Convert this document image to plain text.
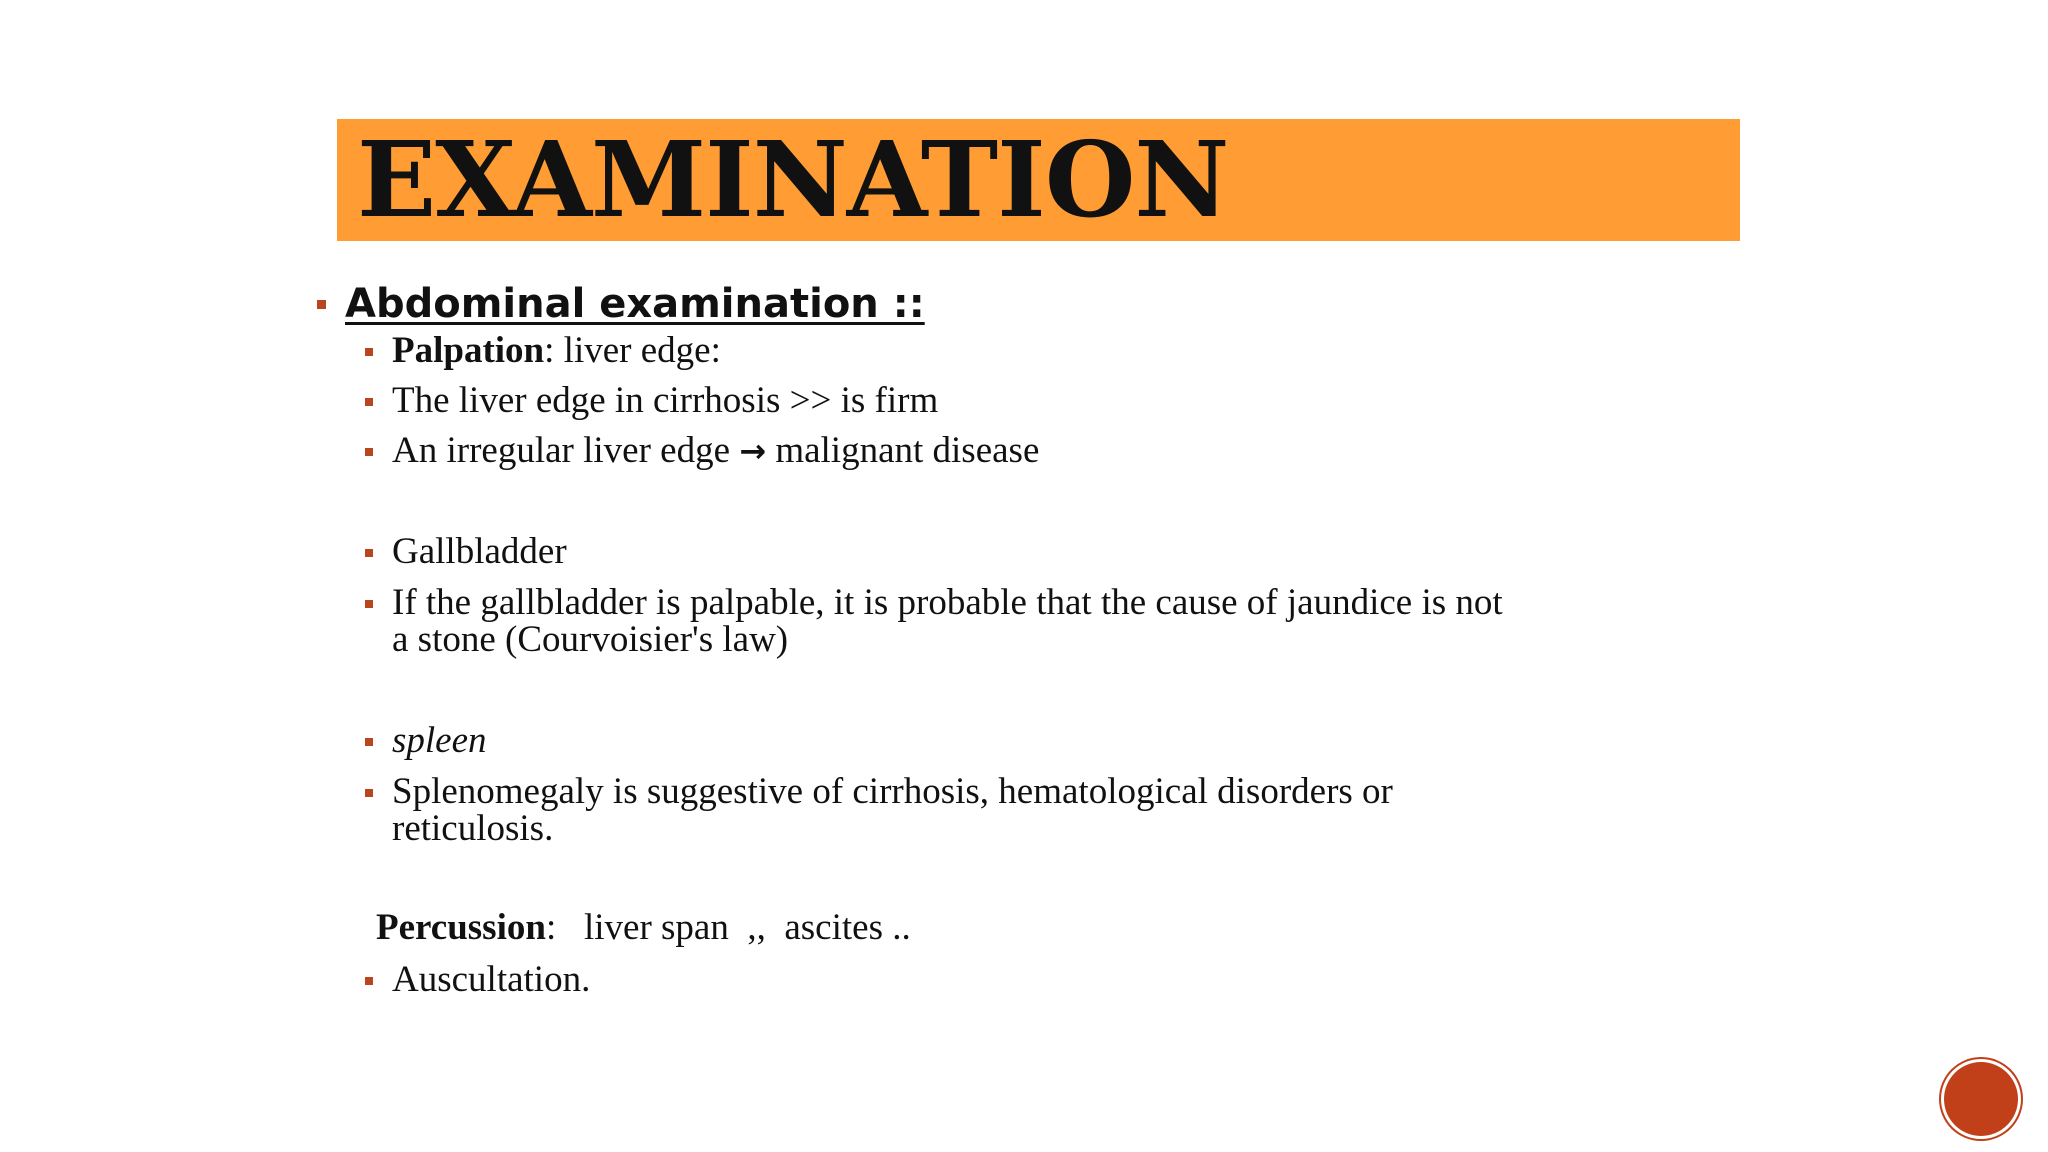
EXAMINATION
Abdominal examination ::
Palpation: liver edge:
The liver edge in cirrhosis >> is firm
An irregular liver edge → malignant disease
Gallbladder
If the gallbladder is palpable, it is probable that the cause of jaundice is not
a stone (Courvoisier's law)
spleen
Splenomegaly is suggestive of cirrhosis, hematological disorders or
reticulosis.
Percussion:   liver span  ,,  ascites ..
Auscultation.
